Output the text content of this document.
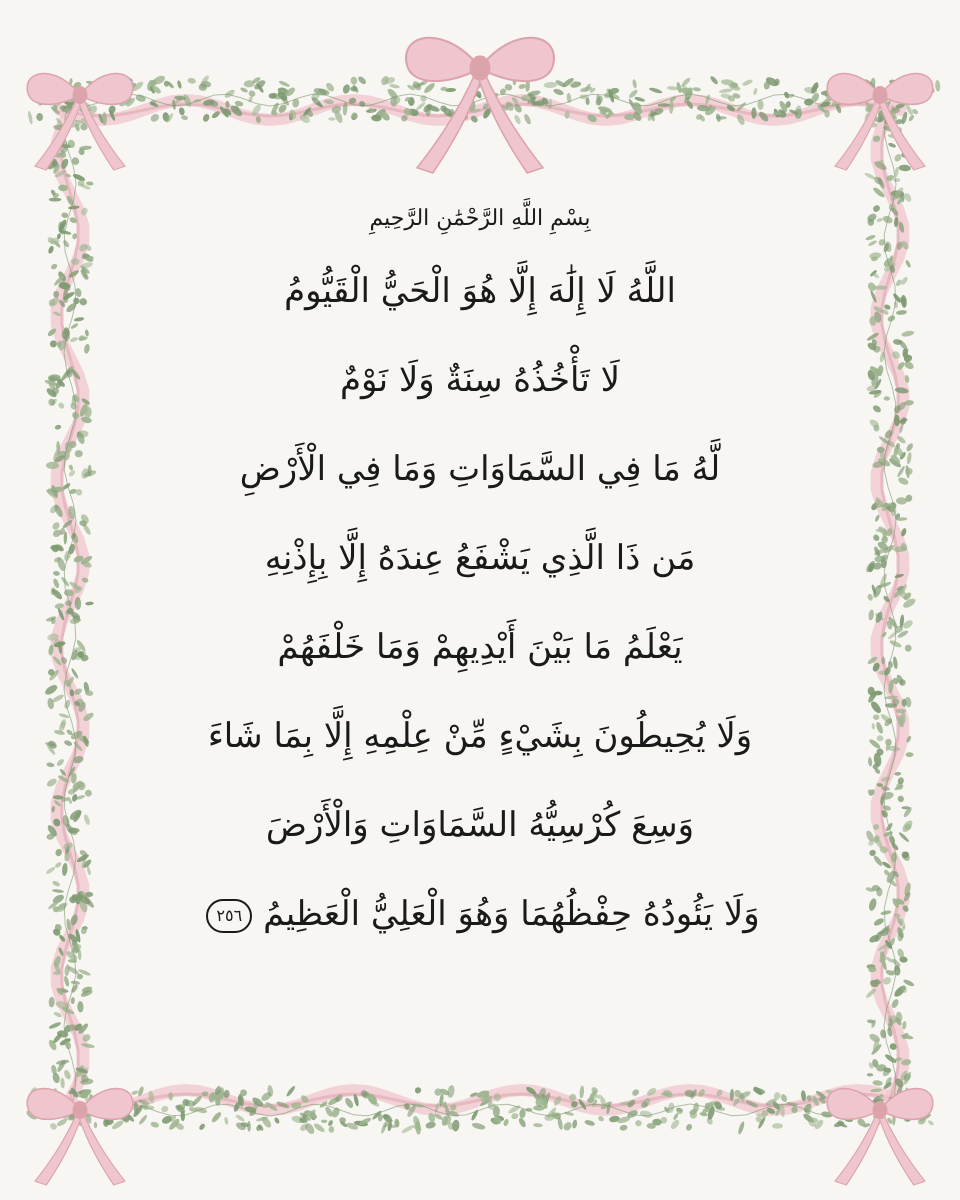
بِسْمِ اللَّهِ الرَّحْمَٰنِ الرَّحِيمِ
اللَّهُ لَا إِلَٰهَ إِلَّا هُوَ الْحَيُّ الْقَيُّومُ
لَا تَأْخُذُهُ سِنَةٌ وَلَا نَوْمٌ
لَّهُ مَا فِي السَّمَاوَاتِ وَمَا فِي الْأَرْضِ
مَن ذَا الَّذِي يَشْفَعُ عِندَهُ إِلَّا بِإِذْنِهِ
يَعْلَمُ مَا بَيْنَ أَيْدِيهِمْ وَمَا خَلْفَهُمْ
وَلَا يُحِيطُونَ بِشَيْءٍ مِّنْ عِلْمِهِ إِلَّا بِمَا شَاءَ
وَسِعَ كُرْسِيُّهُ السَّمَاوَاتِ وَالْأَرْضَ
وَلَا يَئُودُهُ حِفْظُهُمَا وَهُوَ الْعَلِيُّ الْعَظِيمُ ٢٥٦
